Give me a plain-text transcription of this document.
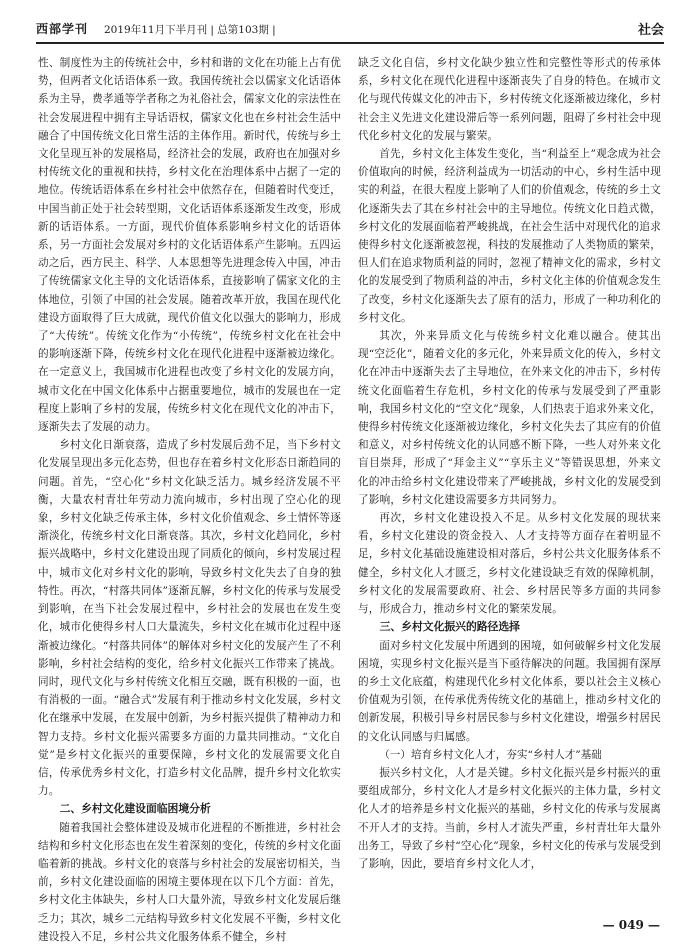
西部学刊 2019年11月下半月刊 | 总第103期 |	社会

性、制度性为主的传统社会中，乡村和谐的文化在功能上占有优势，但两者文化话语体系一致。我国传统社会以儒家文化话语体系为主导，费孝通等学者称之为礼俗社会，儒家文化的宗法性在社会发展进程中拥有主导话语权，儒家文化也在乡村社会生活中融合了中国传统文化日常生活的主体作用。新时代，传统与乡土文化呈现互补的发展格局，经济社会的发展，政府也在加强对乡村传统文化的重视和扶持，乡村文化在治理体系中占据了一定的地位。传统话语体系在乡村社会中依然存在，但随着时代变迁，中国当前正处于社会转型期，文化话语体系逐渐发生改变，形成新的话语体系。一方面，现代价值体系影响乡村文化的话语体系，另一方面社会发展对乡村的文化话语体系产生影响。五四运动之后，西方民主、科学、人本思想等先进理念传入中国，冲击了传统儒家文化主导的文化话语体系，直接影响了儒家文化的主体地位，引领了中国的社会发展。随着改革开放，我国在现代化建设方面取得了巨大成就，现代价值文化以强大的影响力，形成了“大传统”。传统文化作为“小传统”，传统乡村文化在社会中的影响逐渐下降，传统乡村文化在现代化进程中逐渐被边缘化。在一定意义上，我国城市化进程也改变了乡村文化的发展方向，城市文化在中国文化体系中占据重要地位，城市的发展也在一定程度上影响了乡村的发展，传统乡村文化在现代文化的冲击下，逐渐失去了发展的动力。

乡村文化日渐衰落，造成了乡村发展后劲不足，当下乡村文化发展呈现出多元化态势，但也存在着乡村文化形态日渐趋同的问题。首先，“空心化”乡村文化缺乏活力。城乡经济发展不平衡，大量农村青壮年劳动力流向城市，乡村出现了空心化的现象，乡村文化缺乏传承主体，乡村文化价值观念、乡土情怀等逐渐淡化，传统乡村文化日渐衰落。其次，乡村文化趋同化，乡村振兴战略中，乡村文化建设出现了同质化的倾向，乡村发展过程中，城市文化对乡村文化的影响，导致乡村文化失去了自身的独特性。再次，“村落共同体”逐渐瓦解，乡村文化的传承与发展受到影响，在当下社会发展过程中，乡村社会的发展也在发生变化，城市化使得乡村人口大量流失，乡村文化在城市化过程中逐渐被边缘化。“村落共同体”的解体对乡村文化的发展产生了不利影响，乡村社会结构的变化，给乡村文化振兴工作带来了挑战。同时，现代文化与乡村传统文化相互交融，既有积极的一面，也有消极的一面。“融合式”发展有利于推动乡村文化发展，乡村文化在继承中发展，在发展中创新，为乡村振兴提供了精神动力和智力支持。乡村文化振兴需要多方面的力量共同推动。“文化自觉”是乡村文化振兴的重要保障，乡村文化的发展需要文化自信，传承优秀乡村文化，打造乡村文化品牌，提升乡村文化软实力。

二、乡村文化建设面临困境分析

随着我国社会整体建设及城市化进程的不断推进，乡村社会结构和乡村文化形态也在发生着深刻的变化，传统的乡村文化面临着新的挑战。乡村文化的衰落与乡村社会的发展密切相关，当前，乡村文化建设面临的困境主要体现在以下几个方面：首先，乡村文化主体缺失，乡村人口大量外流，导致乡村文化发展后继乏力；其次，城乡二元结构导致乡村文化发展不平衡，乡村文化建设投入不足，乡村公共文化服务体系不健全，乡村

缺乏文化自信，乡村文化缺少独立性和完整性等形式的传承体系，乡村文化在现代化进程中逐渐丧失了自身的特色。在城市文化与现代传媒文化的冲击下，乡村传统文化逐渐被边缘化，乡村社会主义先进文化建设滞后等一系列问题，阻碍了乡村社会中现代化乡村文化的发展与繁荣。

首先，乡村文化主体发生变化，当“利益至上”观念成为社会价值取向的时候，经济利益成为一切活动的中心，乡村生活中现实的利益，在很大程度上影响了人们的价值观念，传统的乡土文化逐渐失去了其在乡村社会中的主导地位。传统文化日趋式微，乡村文化的发展面临着严峻挑战，在社会生活中对现代化的追求使得乡村文化逐渐被忽视，科技的发展推动了人类物质的繁荣，但人们在追求物质利益的同时，忽视了精神文化的需求，乡村文化的发展受到了物质利益的冲击，乡村文化主体的价值观念发生了改变，乡村文化逐渐失去了原有的活力，形成了一种功利化的乡村文化。

其次，外来异质文化与传统乡村文化难以融合。使其出现“空泛化”，随着文化的多元化，外来异质文化的传入，乡村文化在冲击中逐渐失去了主导地位，在外来文化的冲击下，乡村传统文化面临着生存危机，乡村文化的传承与发展受到了严重影响，我国乡村文化的“空文化”现象，人们热衷于追求外来文化，使得乡村传统文化逐渐被边缘化，乡村文化失去了其应有的价值和意义，对乡村传统文化的认同感不断下降，一些人对外来文化盲目崇拜，形成了“拜金主义”“享乐主义”等错误思想，外来文化的冲击给乡村文化建设带来了严峻挑战，乡村文化的发展受到了影响，乡村文化建设需要多方共同努力。

再次，乡村文化建设投入不足。从乡村文化发展的现状来看，乡村文化建设的资金投入、人才支持等方面存在着明显不足，乡村文化基础设施建设相对落后，乡村公共文化服务体系不健全，乡村文化人才匮乏，乡村文化建设缺乏有效的保障机制，乡村文化的发展需要政府、社会、乡村居民等多方面的共同参与，形成合力，推动乡村文化的繁荣发展。

三、乡村文化振兴的路径选择

面对乡村文化发展中所遇到的困境，如何破解乡村文化发展困境，实现乡村文化振兴是当下亟待解决的问题。我国拥有深厚的乡土文化底蕴，构建现代化乡村文化体系，要以社会主义核心价值观为引领，在传承优秀传统文化的基础上，推动乡村文化的创新发展，积极引导乡村居民参与乡村文化建设，增强乡村居民的文化认同感与归属感。

（一）培育乡村文化人才，夯实“乡村人才”基础

振兴乡村文化，人才是关键。乡村文化振兴是乡村振兴的重要组成部分，乡村文化人才是乡村文化振兴的主体力量，乡村文化人才的培养是乡村文化振兴的基础，乡村文化的传承与发展离不开人才的支持。当前，乡村人才流失严重，乡村青壮年大量外出务工，导致了乡村“空心化”现象，乡村文化的传承与发展受到了影响，因此，要培育乡村文化人才，

— 049 —
